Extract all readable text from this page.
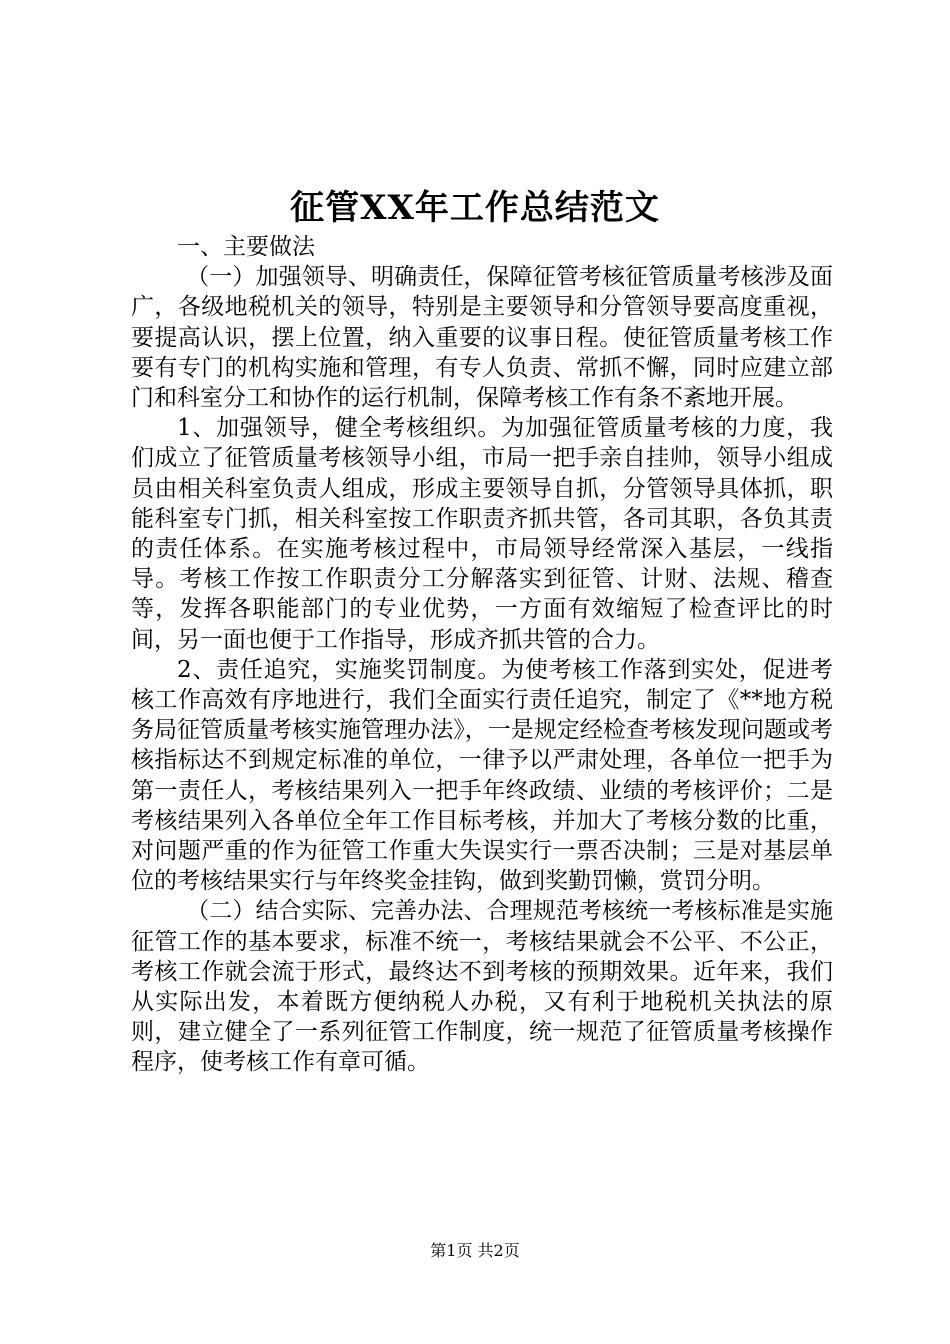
征管XX年工作总结范文

一、主要做法

（一）加强领导、明确责任，保障征管考核征管质量考核涉及面广，各级地税机关的领导，特别是主要领导和分管领导要高度重视，要提高认识，摆上位置，纳入重要的议事日程。使征管质量考核工作要有专门的机构实施和管理，有专人负责、常抓不懈，同时应建立部门和科室分工和协作的运行机制，保障考核工作有条不紊地开展。

1、加强领导，健全考核组织。为加强征管质量考核的力度，我们成立了征管质量考核领导小组，市局一把手亲自挂帅，领导小组成员由相关科室负责人组成，形成主要领导自抓，分管领导具体抓，职能科室专门抓，相关科室按工作职责齐抓共管，各司其职，各负其责的责任体系。在实施考核过程中，市局领导经常深入基层，一线指导。考核工作按工作职责分工分解落实到征管、计财、法规、稽查等，发挥各职能部门的专业优势，一方面有效缩短了检查评比的时间，另一面也便于工作指导，形成齐抓共管的合力。

2、责任追究，实施奖罚制度。为使考核工作落到实处，促进考核工作高效有序地进行，我们全面实行责任追究，制定了《**地方税务局征管质量考核实施管理办法》，一是规定经检查考核发现问题或考核指标达不到规定标准的单位，一律予以严肃处理，各单位一把手为第一责任人，考核结果列入一把手年终政绩、业绩的考核评价；二是考核结果列入各单位全年工作目标考核，并加大了考核分数的比重，对问题严重的作为征管工作重大失误实行一票否决制；三是对基层单位的考核结果实行与年终奖金挂钩，做到奖勤罚懒，赏罚分明。

（二）结合实际、完善办法、合理规范考核统一考核标准是实施征管工作的基本要求，标准不统一，考核结果就会不公平、不公正，考核工作就会流于形式，最终达不到考核的预期效果。近年来，我们从实际出发，本着既方便纳税人办税，又有利于地税机关执法的原则，建立健全了一系列征管工作制度，统一规范了征管质量考核操作程序，使考核工作有章可循。

第1页 共2页
